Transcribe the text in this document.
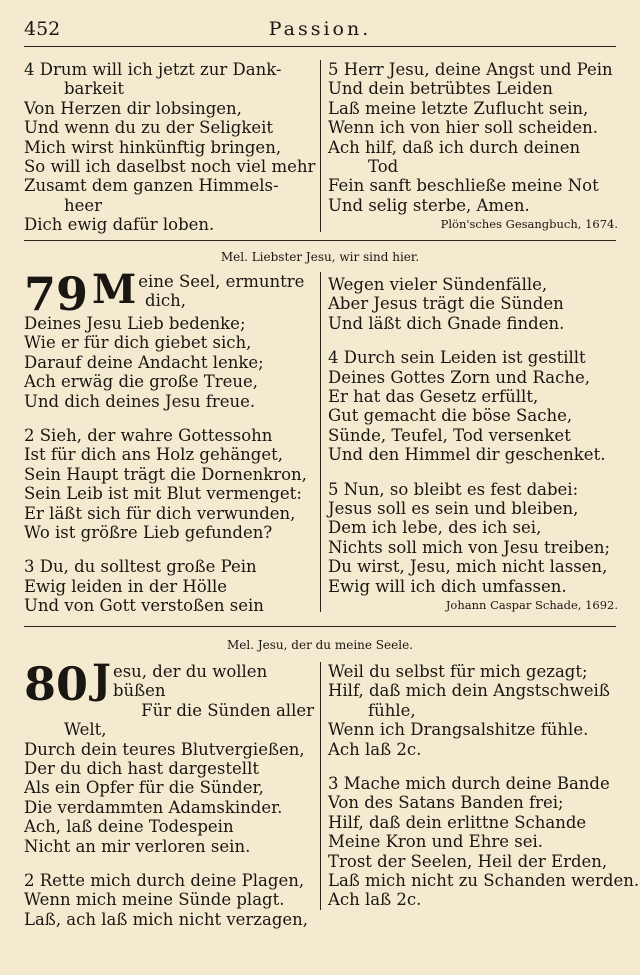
452	Passion.
4 Drum will ich jetzt zur Dank-
barkeit
Von Herzen dir lobsingen,
Und wenn du zu der Seligkeit
Mich wirst hinkünftig bringen,
So will ich daselbst noch viel mehr
Zusamt dem ganzen Himmels-
heer
Dich ewig dafür loben.
5 Herr Jesu, deine Angst und Pein
Und dein betrübtes Leiden
Laß meine letzte Zuflucht sein,
Wenn ich von hier soll scheiden.
Ach hilf, daß ich durch deinen
Tod
Fein sanft beschließe meine Not
Und selig sterbe, Amen.
Plön'sches Gesangbuch, 1674.
Mel. Liebster Jesu, wir sind hier.
79 M eine Seel, ermuntre
dich,
Deines Jesu Lieb bedenke;
Wie er für dich giebet sich,
Darauf deine Andacht lenke;
Ach erwäg die große Treue,
Und dich deines Jesu freue.
2 Sieh, der wahre Gottessohn
Ist für dich ans Holz gehänget,
Sein Haupt trägt die Dornenkron,
Sein Leib ist mit Blut vermenget:
Er läßt sich für dich verwunden,
Wo ist größre Lieb gefunden?
3 Du, du solltest große Pein
Ewig leiden in der Hölle
Und von Gott verstoßen sein
Wegen vieler Sündenfälle,
Aber Jesus trägt die Sünden
Und läßt dich Gnade finden.
4 Durch sein Leiden ist gestillt
Deines Gottes Zorn und Rache,
Er hat das Gesetz erfüllt,
Gut gemacht die böse Sache,
Sünde, Teufel, Tod versenket
Und den Himmel dir geschenket.
5 Nun, so bleibt es fest dabei:
Jesus soll es sein und bleiben,
Dem ich lebe, des ich sei,
Nichts soll mich von Jesu treiben;
Du wirst, Jesu, mich nicht lassen,
Ewig will ich dich umfassen.
Johann Caspar Schade, 1692.
Mel. Jesu, der du meine Seele.
80 J esu, der du wollen büßen
Für die Sünden aller
Welt,
Durch dein teures Blutvergießen,
Der du dich hast dargestellt
Als ein Opfer für die Sünder,
Die verdammten Adamskinder.
Ach, laß deine Todespein
Nicht an mir verloren sein.
2 Rette mich durch deine Plagen,
Wenn mich meine Sünde plagt.
Laß, ach laß mich nicht verzagen,
Weil du selbst für mich gezagt;
Hilf, daß mich dein Angstschweiß
fühle,
Wenn ich Drangsalshitze fühle.
Ach laß 2c.
3 Mache mich durch deine Bande
Von des Satans Banden frei;
Hilf, daß dein erlittne Schande
Meine Kron und Ehre sei.
Trost der Seelen, Heil der Erden,
Laß mich nicht zu Schanden werden.
Ach laß 2c.
